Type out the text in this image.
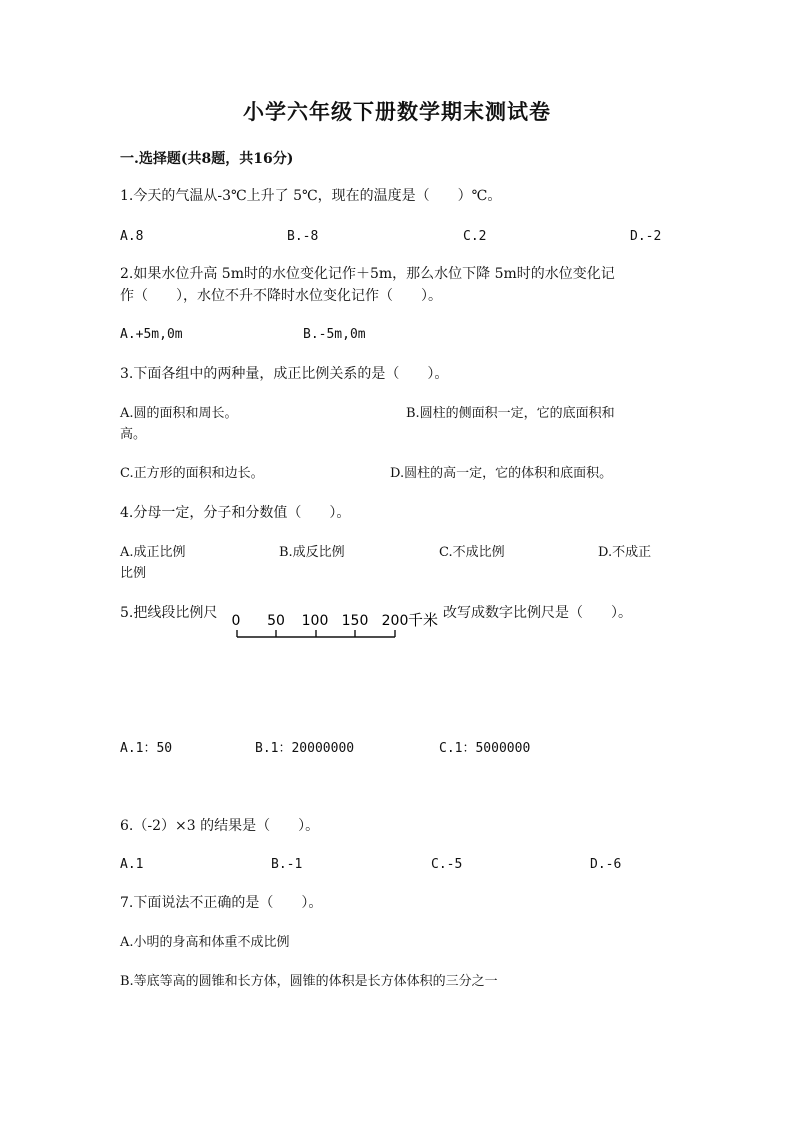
小学六年级下册数学期末测试卷
一.选择题(共8题，共16分)
1.今天的气温从-3℃上升了 5℃，现在的温度是（　　）℃。
A.8	B.-8	C.2	D.-2
2.如果水位升高 5m时的水位变化记作＋5m，那么水位下降 5m时的水位变化记
作（　　），水位不升不降时水位变化记作（　　）。
A.+5m,0m	B.-5m,0m
3.下面各组中的两种量，成正比例关系的是（　　）。
A.圆的面积和周长。	B.圆柱的侧面积一定，它的底面积和
高。
C.正方形的面积和边长。	D.圆柱的高一定，它的体积和底面积。
4.分母一定，分子和分数值（　　）。
A.成正比例	B.成反比例	C.不成比例	D.不成正
比例
5.把线段比例尺 0 50 100 150 200 千米 改写成数字比例尺是（　　）。
A.1：50	B.1：20000000	C.1：5000000
6.（-2）×3 的结果是（　　）。
A.1	B.-1	C.-5	D.-6
7.下面说法不正确的是（　　）。
A.小明的身高和体重不成比例
B.等底等高的圆锥和长方体，圆锥的体积是长方体体积的三分之一
